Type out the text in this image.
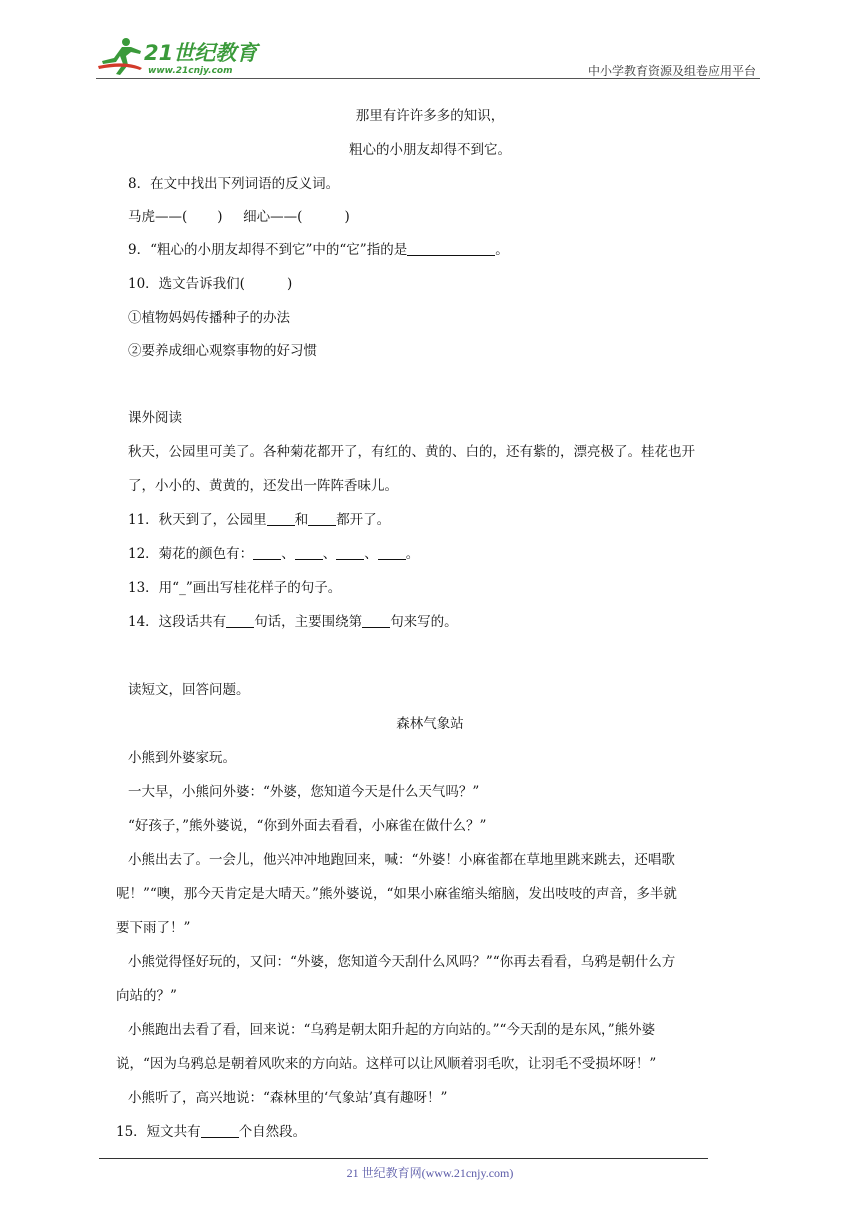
21世纪教育
www.21cnjy.com	中小学教育资源及组卷应用平台
那里有许许多多的知识，
粗心的小朋友却得不到它。
8．在文中找出下列词语的反义词。
马虎——( ) 细心——(	)
9．“粗心的小朋友却得不到它”中的“它”指的是	。
10．选文告诉我们(	)
①植物妈妈传播种子的办法
②要养成细心观察事物的好习惯
课外阅读
秋天，公园里可美了。各种菊花都开了，有红的、黄的、白的，还有紫的，漂亮极了。桂花也开
了，小小的、黄黄的，还发出一阵阵香味儿。
11．秋天到了，公园里 和 都开了。
12．菊花的颜色有： 、 、 、 。
13．用“_”画出写桂花样子的句子。
14．这段话共有 句话，主要围绕第 句来写的。
读短文，回答问题。
森林气象站
小熊到外婆家玩。
一大早，小熊问外婆：“外婆，您知道今天是什么天气吗？”
“好孩子，”熊外婆说，“你到外面去看看，小麻雀在做什么？”
小熊出去了。一会儿，他兴冲冲地跑回来，喊：“外婆！小麻雀都在草地里跳来跳去，还唱歌
呢！”“噢，那今天肯定是大晴天。”熊外婆说，“如果小麻雀缩头缩脑，发出吱吱的声音，多半就
要下雨了！”
小熊觉得怪好玩的，又问：“外婆，您知道今天刮什么风吗？”“你再去看看，乌鸦是朝什么方
向站的？”
小熊跑出去看了看，回来说：“乌鸦是朝太阳升起的方向站的。”“今天刮的是东风，”熊外婆
说，“因为乌鸦总是朝着风吹来的方向站。这样可以让风顺着羽毛吹，让羽毛不受损坏呀！”
小熊听了，高兴地说：“森林里的‘气象站’真有趣呀！”
15．短文共有	个自然段。
21 世纪教育网(www.21cnjy.com)
